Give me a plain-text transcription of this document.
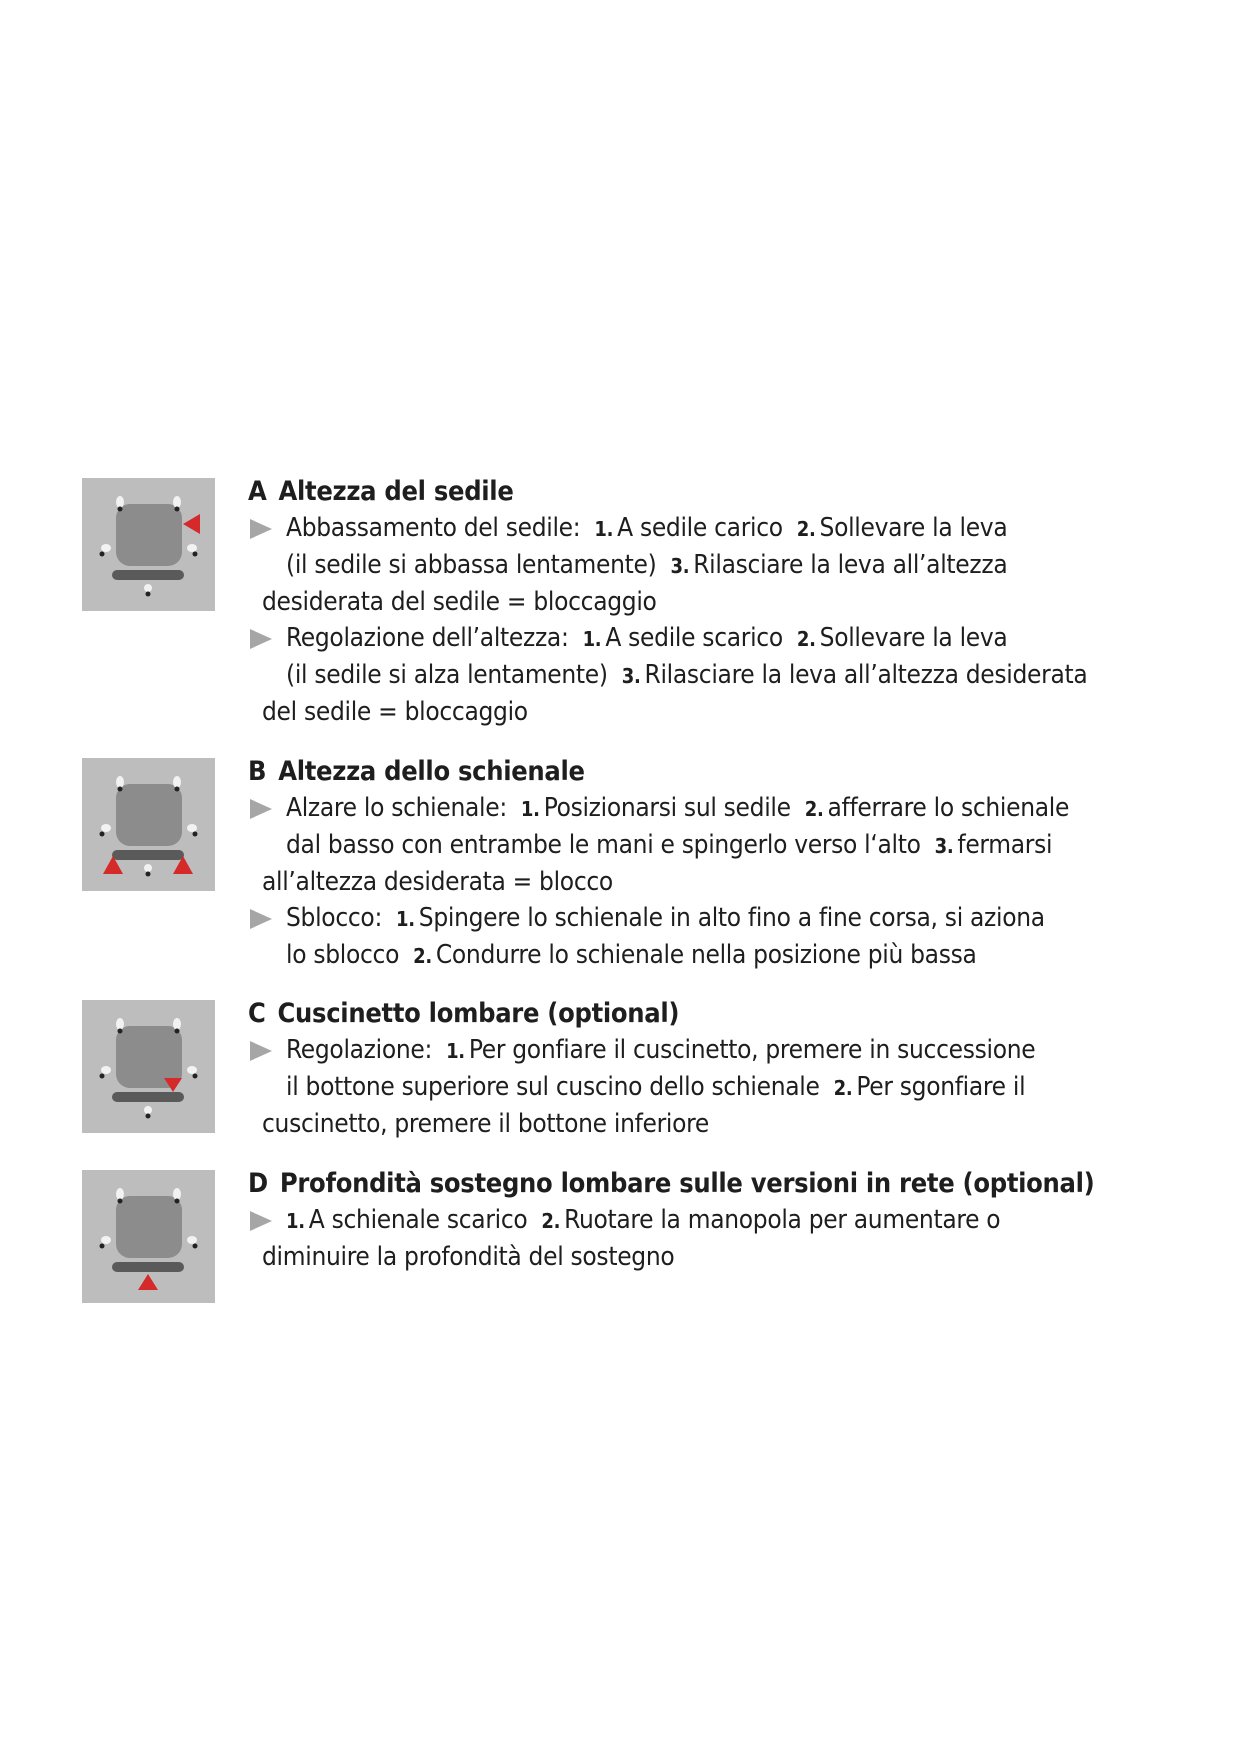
A Altezza del sedile
Abbassamento del sedile: 1. A sedile carico 2. Sollevare la leva
(il sedile si abbassa lentamente) 3. Rilasciare la leva all’altezza
desiderata del sedile = bloccaggio
Regolazione dell’altezza: 1. A sedile scarico 2. Sollevare la leva
(il sedile si alza lentamente) 3. Rilasciare la leva all’altezza desiderata
del sedile = bloccaggio
B Altezza dello schienale
Alzare lo schienale: 1. Posizionarsi sul sedile 2. afferrare lo schienale
dal basso con entrambe le mani e spingerlo verso l‘alto 3. fermarsi
all’altezza desiderata = blocco
Sblocco: 1. Spingere lo schienale in alto fino a fine corsa, si aziona
lo sblocco 2. Condurre lo schienale nella posizione più bassa
C Cuscinetto lombare (optional)
Regolazione: 1. Per gonfiare il cuscinetto, premere in successione
il bottone superiore sul cuscino dello schienale 2. Per sgonfiare il
cuscinetto, premere il bottone inferiore
D Profondità sostegno lombare sulle versioni in rete (optional)
1. A schienale scarico 2. Ruotare la manopola per aumentare o
diminuire la profondità del sostegno
